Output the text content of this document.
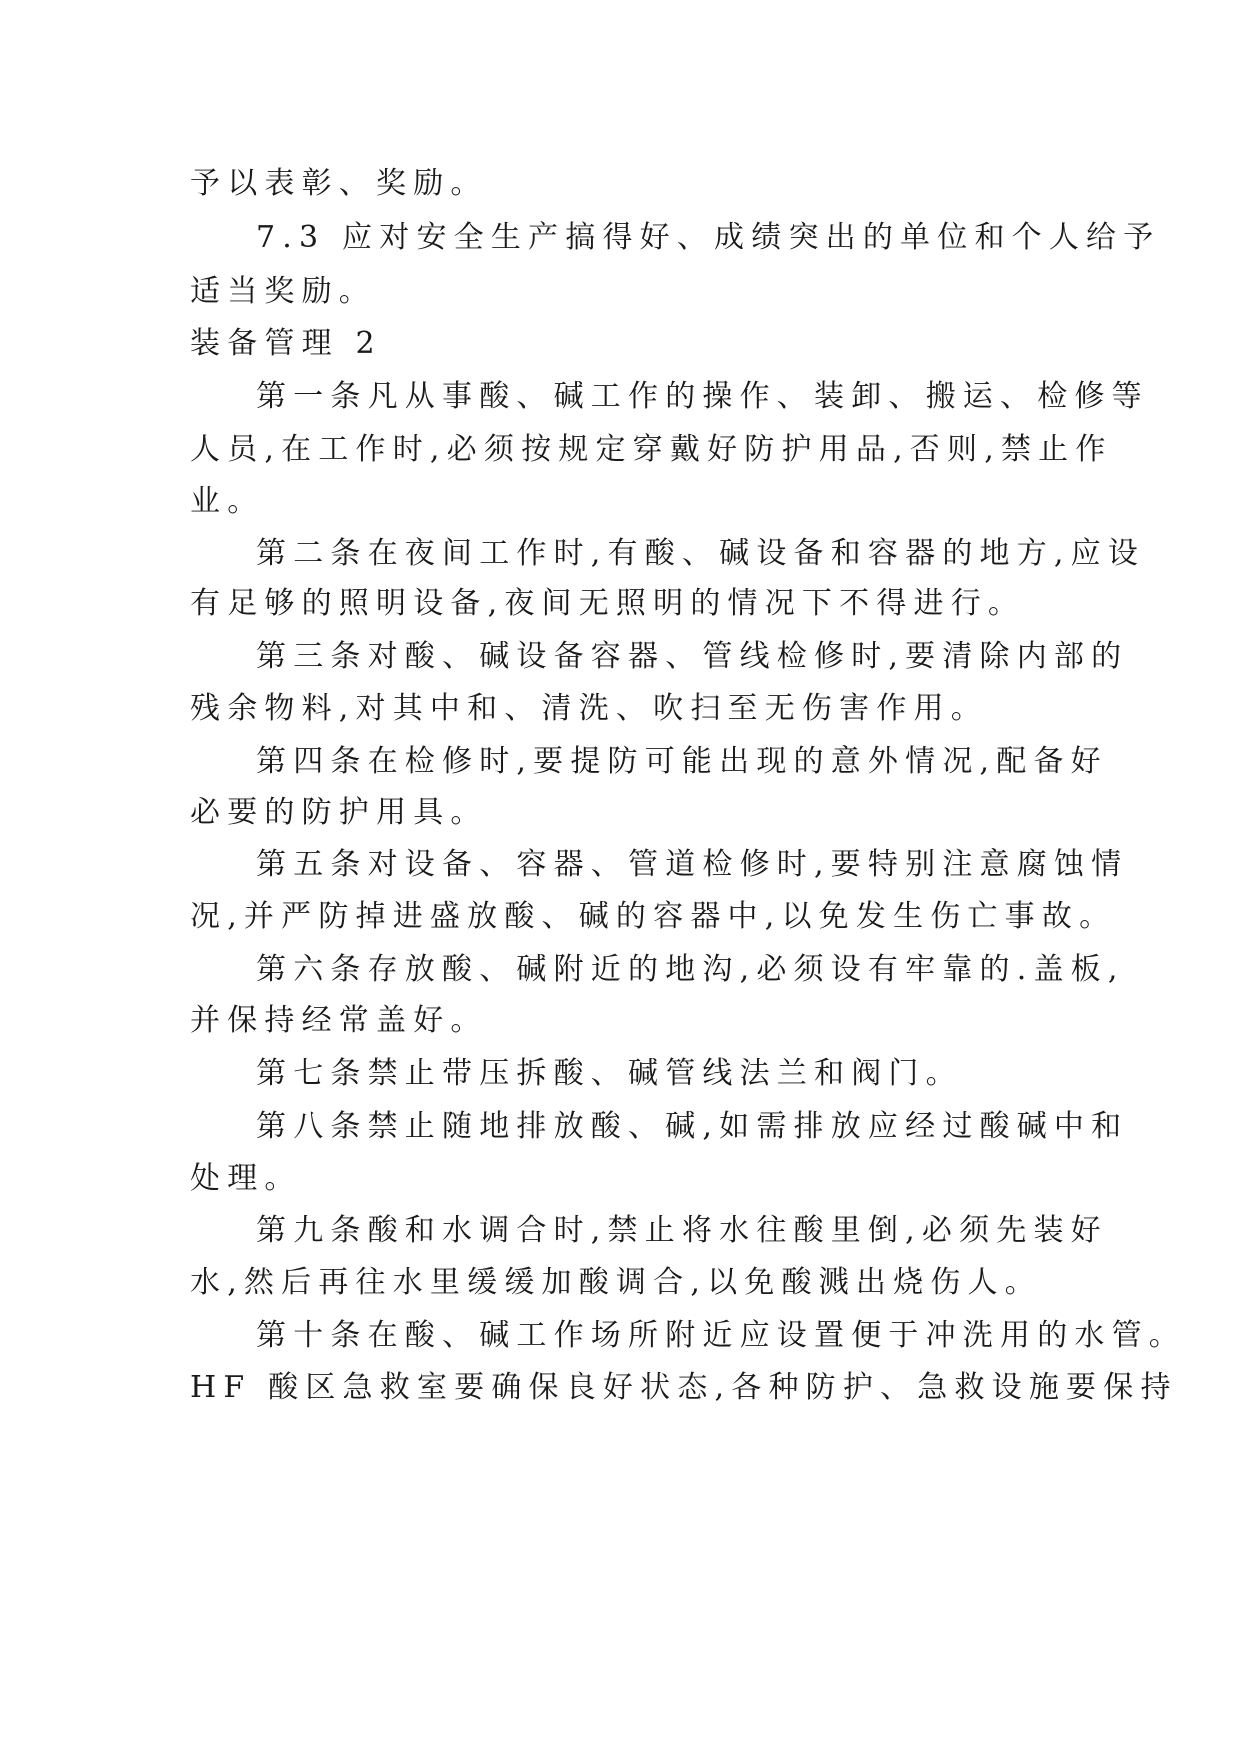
予以表彰、奖励。
7.3 应对安全生产搞得好、成绩突出的单位和个人给予
适当奖励。
装备管理 2
第一条凡从事酸、碱工作的操作、装卸、搬运、检修等
人员,在工作时,必须按规定穿戴好防护用品,否则,禁止作
业。
第二条在夜间工作时,有酸、碱设备和容器的地方,应设
有足够的照明设备,夜间无照明的情况下不得进行。
第三条对酸、碱设备容器、管线检修时,要清除内部的
残余物料,对其中和、清洗、吹扫至无伤害作用。
第四条在检修时,要提防可能出现的意外情况,配备好
必要的防护用具。
第五条对设备、容器、管道检修时,要特别注意腐蚀情
况,并严防掉进盛放酸、碱的容器中,以免发生伤亡事故。
第六条存放酸、碱附近的地沟,必须设有牢靠的.盖板,
并保持经常盖好。
第七条禁止带压拆酸、碱管线法兰和阀门。
第八条禁止随地排放酸、碱,如需排放应经过酸碱中和
处理。
第九条酸和水调合时,禁止将水往酸里倒,必须先装好
水,然后再往水里缓缓加酸调合,以免酸溅出烧伤人。
第十条在酸、碱工作场所附近应设置便于冲洗用的水管。
HF 酸区急救室要确保良好状态,各种防护、急救设施要保持
